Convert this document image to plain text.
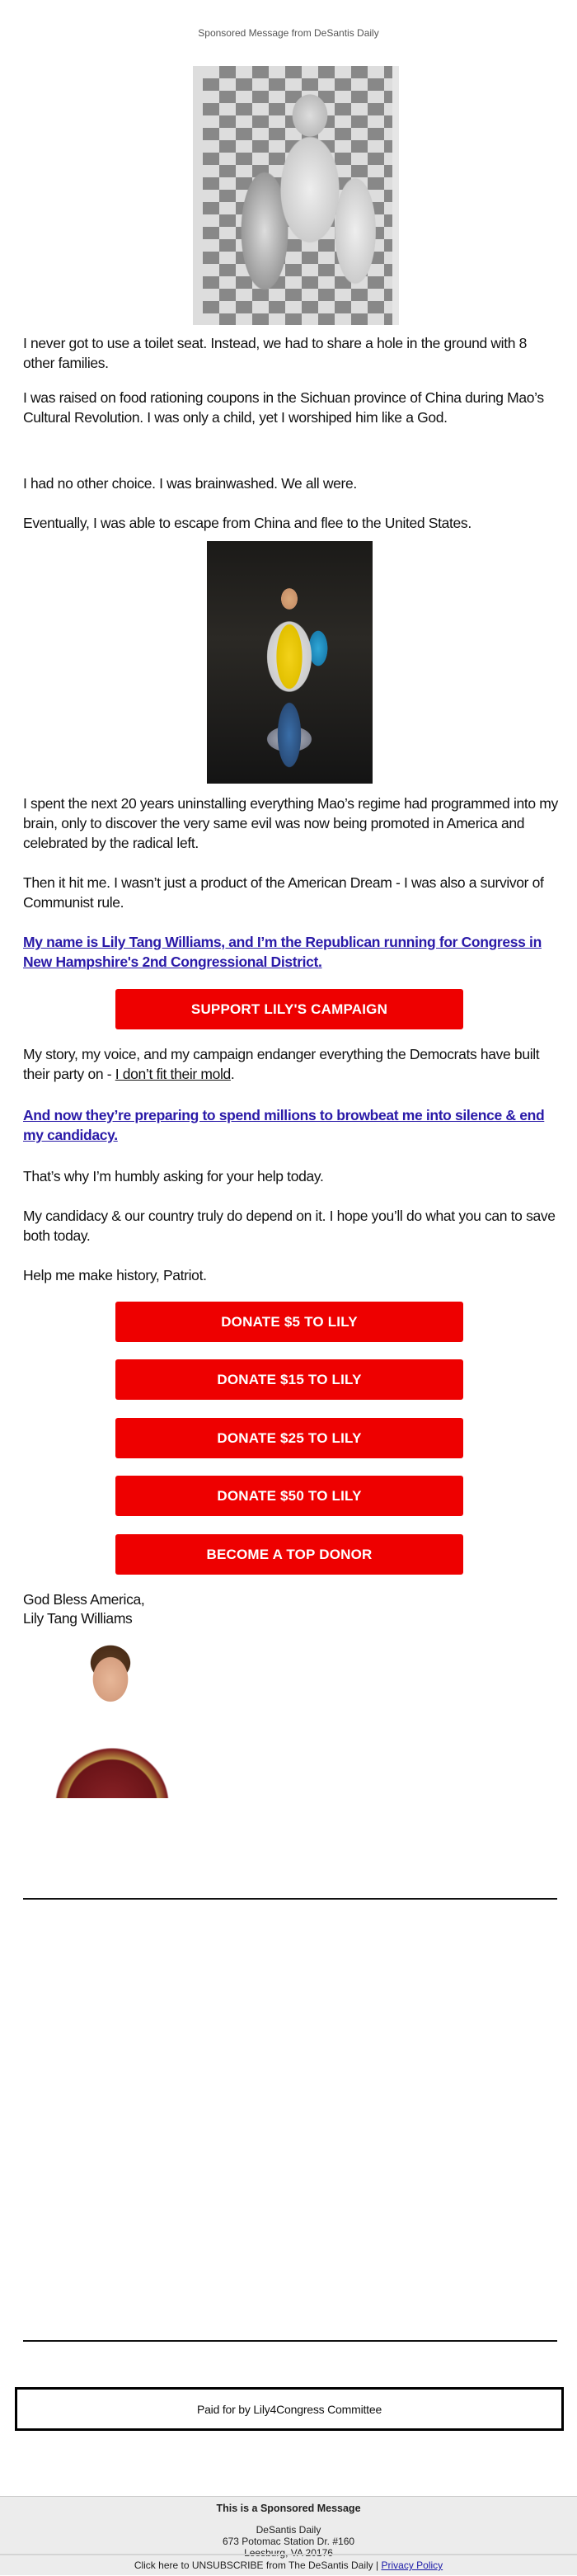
Sponsored Message from DeSantis Daily

I never got to use a toilet seat. Instead, we had to share a hole in the ground with 8 other families.

I was raised on food rationing coupons in the Sichuan province of China during Mao’s Cultural Revolution. I was only a child, yet I worshiped him like a God.

I had no other choice. I was brainwashed. We all were.

Eventually, I was able to escape from China and flee to the United States.

I spent the next 20 years uninstalling everything Mao’s regime had programmed into my brain, only to discover the very same evil was now being promoted in America and celebrated by the radical left.

Then it hit me. I wasn’t just a product of the American Dream - I was also a survivor of Communist rule.

My name is Lily Tang Williams, and I’m the Republican running for Congress in New Hampshire's 2nd Congressional District.

SUPPORT LILY'S CAMPAIGN

My story, my voice, and my campaign endanger everything the Democrats have built their party on - I don’t fit their mold.

And now they’re preparing to spend millions to browbeat me into silence & end my candidacy.

That’s why I’m humbly asking for your help today.

My candidacy & our country truly do depend on it. I hope you’ll do what you can to save both today.

Help me make history, Patriot.

DONATE $5 TO LILY
DONATE $15 TO LILY
DONATE $25 TO LILY
DONATE $50 TO LILY
BECOME A TOP DONOR

God Bless America,
Lily Tang Williams

Paid for by Lily4Congress Committee
This is a Sponsored Message
DeSantis Daily
673 Potomac Station Dr. #160
Leesburg, VA 20176
Click here to UNSUBSCRIBE from The DeSantis Daily | Privacy Policy
